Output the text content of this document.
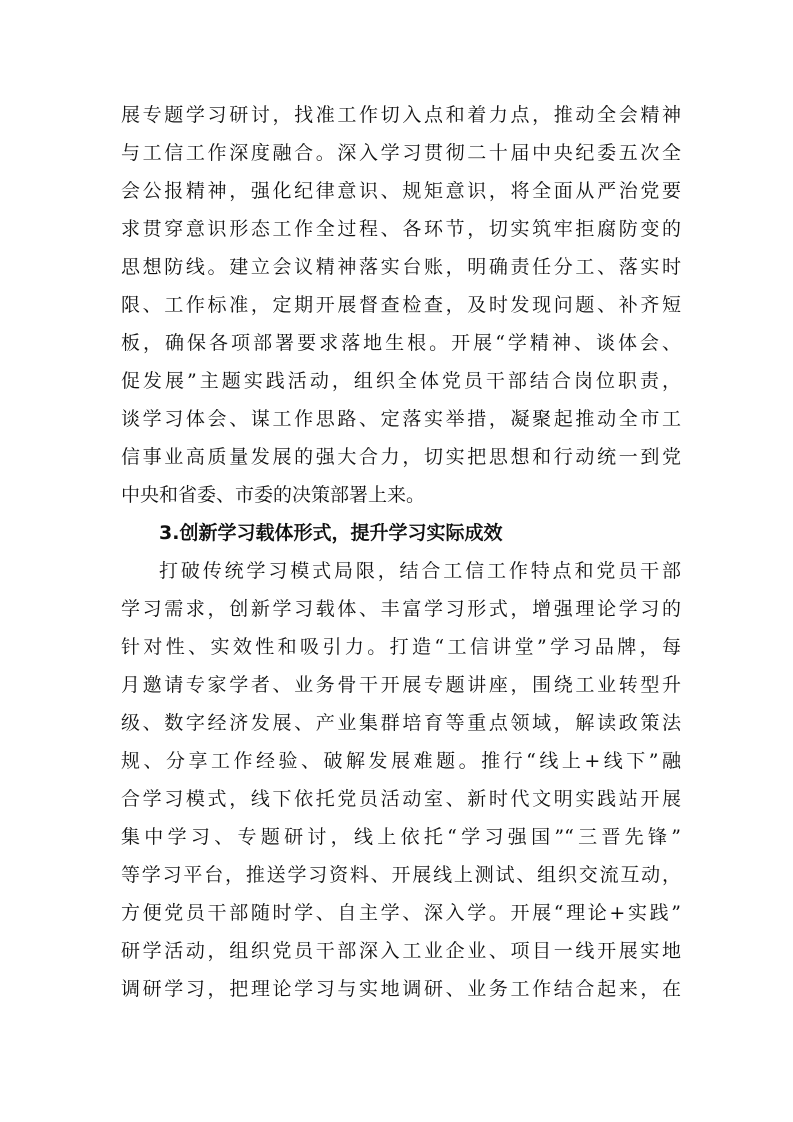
展专题学习研讨，找准工作切入点和着力点，推动全会精神
与工信工作深度融合。深入学习贯彻二十届中央纪委五次全
会公报精神，强化纪律意识、规矩意识，将全面从严治党要
求贯穿意识形态工作全过程、各环节，切实筑牢拒腐防变的
思想防线。建立会议精神落实台账，明确责任分工、落实时
限、工作标准，定期开展督查检查，及时发现问题、补齐短
板，确保各项部署要求落地生根。开展“学精神、谈体会、
促发展”主题实践活动，组织全体党员干部结合岗位职责，
谈学习体会、谋工作思路、定落实举措，凝聚起推动全市工
信事业高质量发展的强大合力，切实把思想和行动统一到党
中央和省委、市委的决策部署上来。
3.创新学习载体形式，提升学习实际成效
打破传统学习模式局限，结合工信工作特点和党员干部
学习需求，创新学习载体、丰富学习形式，增强理论学习的
针对性、实效性和吸引力。打造“工信讲堂”学习品牌，每
月邀请专家学者、业务骨干开展专题讲座，围绕工业转型升
级、数字经济发展、产业集群培育等重点领域，解读政策法
规、分享工作经验、破解发展难题。推行“线上+线下”融
合学习模式，线下依托党员活动室、新时代文明实践站开展
集中学习、专题研讨，线上依托“学习强国”“三晋先锋”
等学习平台，推送学习资料、开展线上测试、组织交流互动，
方便党员干部随时学、自主学、深入学。开展“理论+实践”
研学活动，组织党员干部深入工业企业、项目一线开展实地
调研学习，把理论学习与实地调研、业务工作结合起来，在
